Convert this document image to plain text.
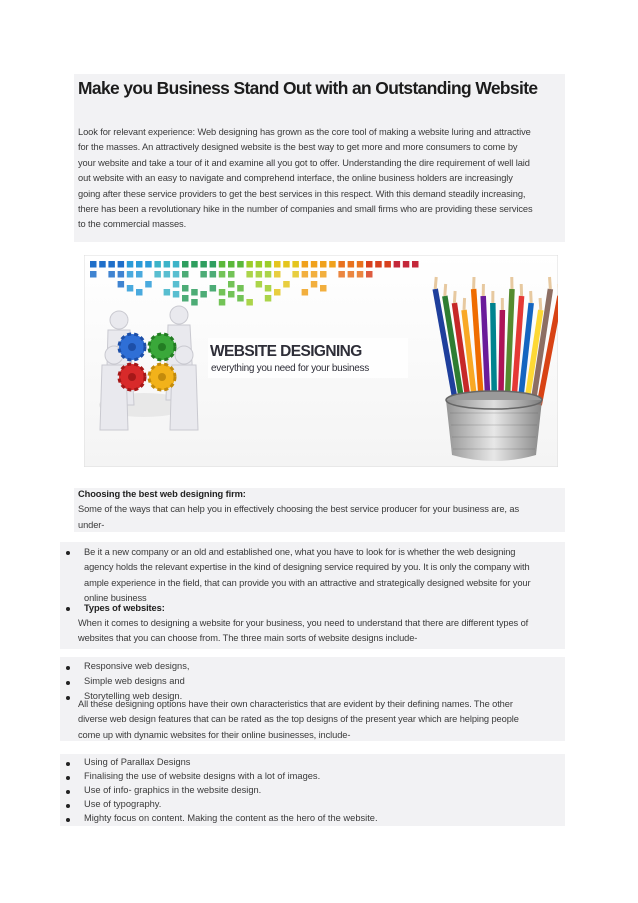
Make you Business Stand Out with an Outstanding Website
Look for relevant experience: Web designing has grown as the core tool of making a website luring and attractive
for the masses. An attractively designed website is the best way to get more and more consumers to come by
your website and take a tour of it and examine all you got to offer. Understanding the dire requirement of well laid
out website with an easy to navigate and comprehend interface, the online business holders are increasingly
going after these service providers to get the best services in this respect. With this demand steadily increasing,
there has been a revolutionary hike in the number of companies and small firms who are providing these services
to the commercial masses.
WEBSITE DESIGNING
everything you need for your business
Choosing the best web designing firm:
Some of the ways that can help you in effectively choosing the best service producer for your business are, as
under-
Be it a new company or an old and established one, what you have to look for is whether the web designing
agency holds the relevant expertise in the kind of designing service required by you. It is only the company with
ample experience in the field, that can provide you with an attractive and strategically designed website for your
online business
Types of websites:
When it comes to designing a website for your business, you need to understand that there are different types of
websites that you can choose from. The three main sorts of website designs include-
Responsive web designs,
Simple web designs and
Storytelling web design.
All these designing options have their own characteristics that are evident by their defining names. The other
diverse web design features that can be rated as the top designs of the present year which are helping people
come up with dynamic websites for their online businesses, include-
Using of Parallax Designs
Finalising the use of website designs with a lot of images.
Use of info- graphics in the website design.
Use of typography.
Mighty focus on content. Making the content as the hero of the website.
